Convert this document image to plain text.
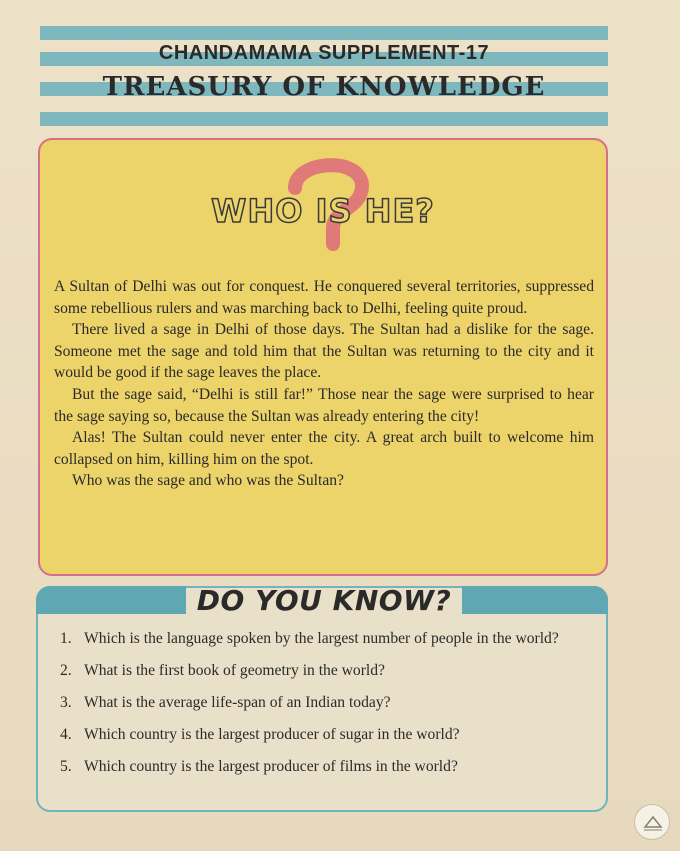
CHANDAMAMA SUPPLEMENT-17
TREASURY OF KNOWLEDGE
WHO IS HE?

A Sultan of Delhi was out for conquest. He conquered several territories, suppressed some rebellious rulers and was marching back to Delhi, feeling quite proud.

There lived a sage in Delhi of those days. The Sultan had a dislike for the sage. Someone met the sage and told him that the Sultan was returning to the city and it would be good if the sage leaves the place.

But the sage said, “Delhi is still far!” Those near the sage were surprised to hear the sage saying so, because the Sultan was already entering the city!

Alas! The Sultan could never enter the city. A great arch built to welcome him collapsed on him, killing him on the spot.

Who was the sage and who was the Sultan?

DO YOU KNOW?
1. Which is the language spoken by the largest number of people in the world?
2. What is the first book of geometry in the world?
3. What is the average life-span of an Indian today?
4. Which country is the largest producer of sugar in the world?
5. Which country is the largest producer of films in the world?
